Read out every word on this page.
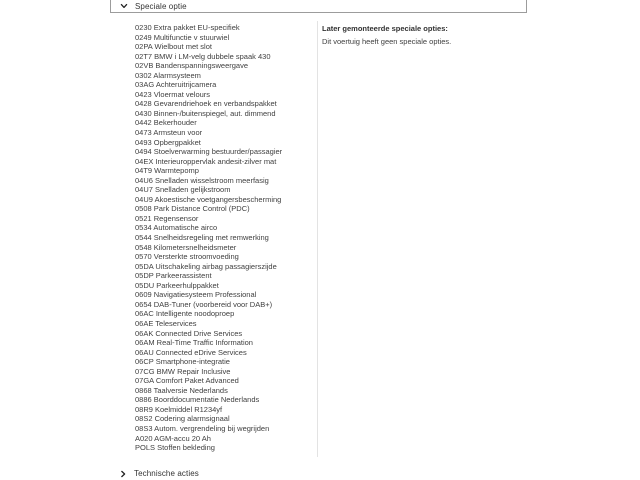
Speciale optie
0230 Extra pakket EU-specifiek
0249 Multifunctie v stuurwiel
02PA Wielbout met slot
02T7 BMW i LM-velg dubbele spaak 430
02VB Bandenspanningsweergave
0302 Alarmsysteem
03AG Achteruitrijcamera
0423 Vloermat velours
0428 Gevarendriehoek en verbandspakket
0430 Binnen-/buitenspiegel, aut. dimmend
0442 Bekerhouder
0473 Armsteun voor
0493 Opbergpakket
0494 Stoelverwarming bestuurder/passagier
04EX Interieuroppervlak andesit-zilver mat
04T9 Warmtepomp
04U6 Snelladen wisselstroom meerfasig
04U7 Snelladen gelijkstroom
04U9 Akoestische voetgangersbescherming
0508 Park Distance Control (PDC)
0521 Regensensor
0534 Automatische airco
0544 Snelheidsregeling met remwerking
0548 Kilometersnelheidsmeter
0570 Versterkte stroomvoeding
05DA Uitschakeling airbag passagierszijde
05DP Parkeerassistent
05DU Parkeerhulppakket
0609 Navigatiesysteem Professional
0654 DAB-Tuner (voorbereid voor DAB+)
06AC Intelligente noodoproep
06AE Teleservices
06AK Connected Drive Services
06AM Real-Time Traffic Information
06AU Connected eDrive Services
06CP Smartphone-integratie
07CG BMW Repair Inclusive
07GA Comfort Paket Advanced
0868 Taalversie Nederlands
0886 Boorddocumentatie Nederlands
08R9 Koelmiddel R1234yf
08S2 Codering alarmsignaal
08S3 Autom. vergrendeling bij wegrijden
A020 AGM-accu 20 Ah
POLS Stoffen bekleding

Later gemonteerde speciale opties:

Dit voertuig heeft geen speciale opties.

Technische acties
